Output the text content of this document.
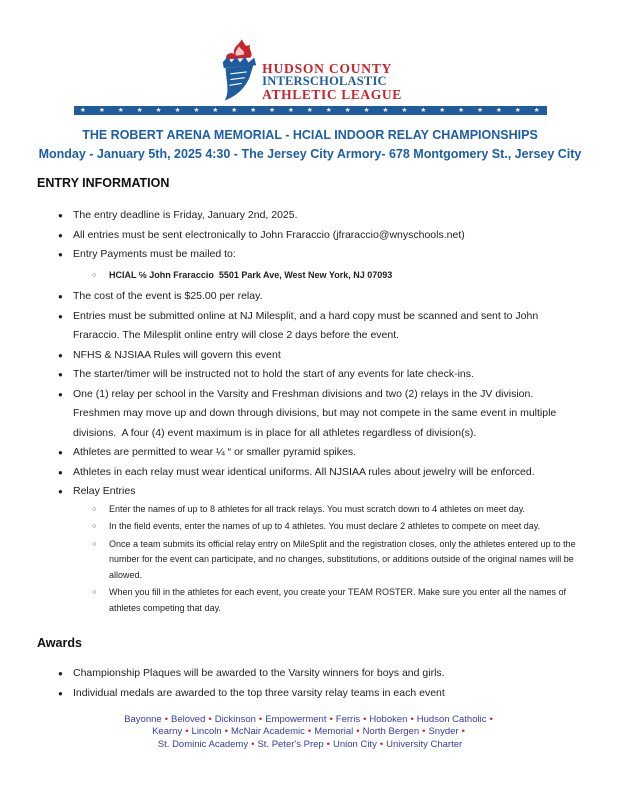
HUDSON COUNTY
INTERSCHOLASTIC
ATHLETIC LEAGUE
★ ★ ★ ★ ★ ★ ★ ★ ★ ★ ★ ★ ★ ★ ★ ★ ★ ★ ★ ★ ★ ★ ★ ★ ★
THE ROBERT ARENA MEMORIAL - HCIAL INDOOR RELAY CHAMPIONSHIPS
Monday - January 5th, 2025 4:30 - The Jersey City Armory- 678 Montgomery St., Jersey City
ENTRY INFORMATION
● The entry deadline is Friday, January 2nd, 2025.
● All entries must be sent electronically to John Fraraccio (jfraraccio@wnyschools.net)
● Entry Payments must be mailed to:
○	HCIAL ℅ John Fraraccio  5501 Park Ave, West New York, NJ 07093
● The cost of the event is $25.00 per relay.
● Entries must be submitted online at NJ Milesplit, and a hard copy must be scanned and sent to John Fraraccio. The Milesplit online entry will close 2 days before the event.
● NFHS & NJSIAA Rules will govern this event
● The starter/timer will be instructed not to hold the start of any events for late check-ins.
● One (1) relay per school in the Varsity and Freshman divisions and two (2) relays in the JV division. Freshmen may move up and down through divisions, but may not compete in the same event in multiple divisions.  A four (4) event maximum is in place for all athletes regardless of division(s).
● Athletes are permitted to wear ¼ “ or smaller pyramid spikes.
● Athletes in each relay must wear identical uniforms. All NJSIAA rules about jewelry will be enforced.
● Relay Entries
○	Enter the names of up to 8 athletes for all track relays. You must scratch down to 4 athletes on meet day.
○	In the field events, enter the names of up to 4 athletes. You must declare 2 athletes to compete on meet day.
○	Once a team submits its official relay entry on MileSplit and the registration closes, only the athletes entered up to the number for the event can participate, and no changes, substitutions, or additions outside of the original names will be allowed.
○	When you fill in the athletes for each event, you create your TEAM ROSTER. Make sure you enter all the names of athletes competing that day.
Awards
● Championship Plaques will be awarded to the Varsity winners for boys and girls.
● Individual medals are awarded to the top three varsity relay teams in each event
Bayonne • Beloved • Dickinson • Empowerment • Ferris • Hoboken • Hudson Catholic •
Kearny • Lincoln • McNair Academic • Memorial • North Bergen • Snyder •
St. Dominic Academy • St. Peter's Prep • Union City • University Charter
